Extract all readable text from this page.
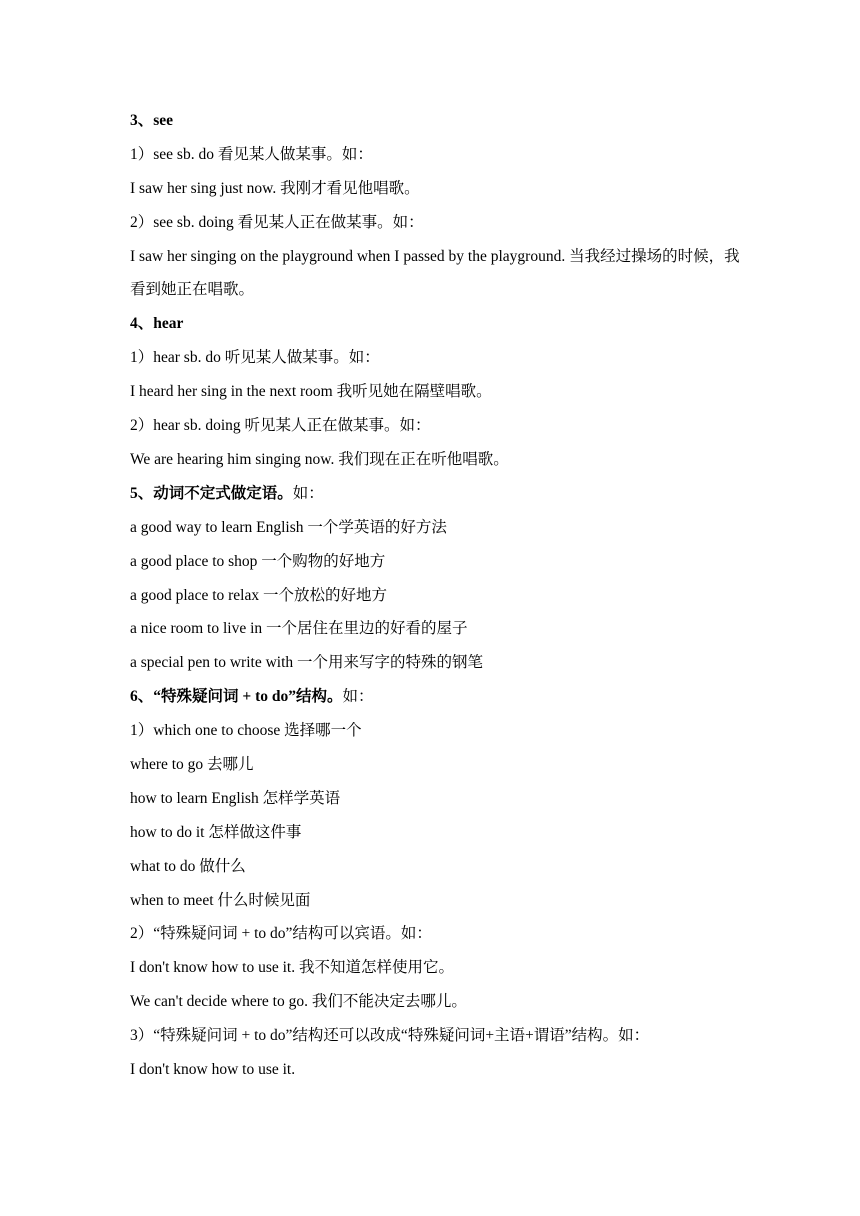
3、see
1）see sb. do 看见某人做某事。如：
I saw her sing just now. 我刚才看见他唱歌。
2）see sb. doing 看见某人正在做某事。如：
I saw her singing on the playground when I passed by the playground. 当我经过操场的时候，我看到她正在唱歌。
4、hear
1）hear sb. do 听见某人做某事。如：
I heard her sing in the next room 我听见她在隔壁唱歌。
2）hear sb. doing 听见某人正在做某事。如：
We are hearing him singing now. 我们现在正在听他唱歌。
5、动词不定式做定语。如：
a good way to learn English 一个学英语的好方法
a good place to shop 一个购物的好地方
a good place to relax 一个放松的好地方
a nice room to live in 一个居住在里边的好看的屋子
a special pen to write with 一个用来写字的特殊的钢笔
6、“特殊疑问词 + to do”结构。如：
1）which one to choose 选择哪一个
where to go 去哪儿
how to learn English 怎样学英语
how to do it 怎样做这件事
what to do 做什么
when to meet 什么时候见面
2）“特殊疑问词 + to do”结构可以宾语。如：
I don't know how to use it. 我不知道怎样使用它。
We can't decide where to go. 我们不能决定去哪儿。
3）“特殊疑问词 + to do”结构还可以改成“特殊疑问词+主语+谓语”结构。如：
I don't know how to use it.
